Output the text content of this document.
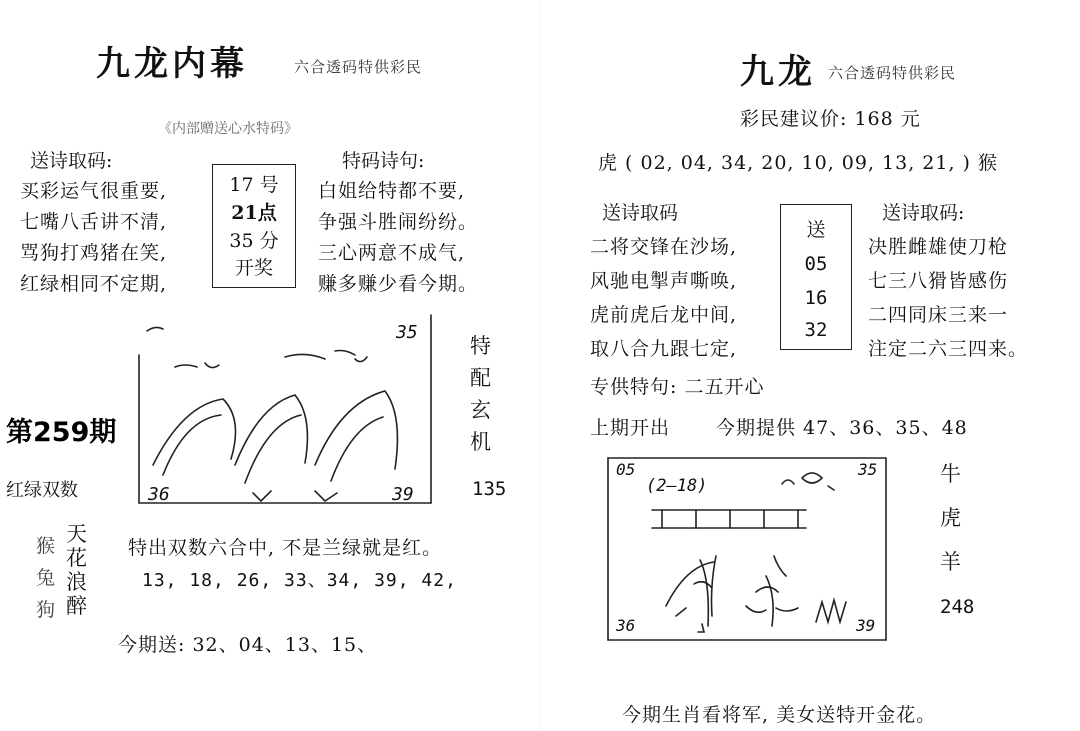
九龙内幕	六合透码特供彩民
《内部赠送心水特码》
送诗取码:
买彩运气很重要,
七嘴八舌讲不清,
骂狗打鸡猪在笑,
红绿相同不定期,
17 号
21点
35 分
开奖
特码诗句:
白姐给特都不要,
争强斗胜闹纷纷。
三心两意不成气,
赚多赚少看今期。
35
36	39
特
配
玄
机
135
第259期
红绿双数
猴
兔
狗
天
花
浪
醉
特出双数六合中, 不是兰绿就是红。
13, 18, 26, 33、34, 39, 42,
今期送: 32、04、13、15、
九龙 六合透码特供彩民
彩民建议价: 168 元
虎 ( 02, 04, 34, 20, 10, 09, 13, 21, ) 猴
送诗取码
二将交锋在沙场,
风驰电掣声嘶唤,
虎前虎后龙中间,
取八合九跟七定,
送
05
16
32
送诗取码:
决胜雌雄使刀枪
七三八猾皆感伤
二四同床三来一
注定二六三四来。
专供特句: 二五开心
上期开出 今期提供 47、36、35、48
05	35
(2—18)
36	39
牛
虎
羊
248
今期生肖看将军, 美女送特开金花。
